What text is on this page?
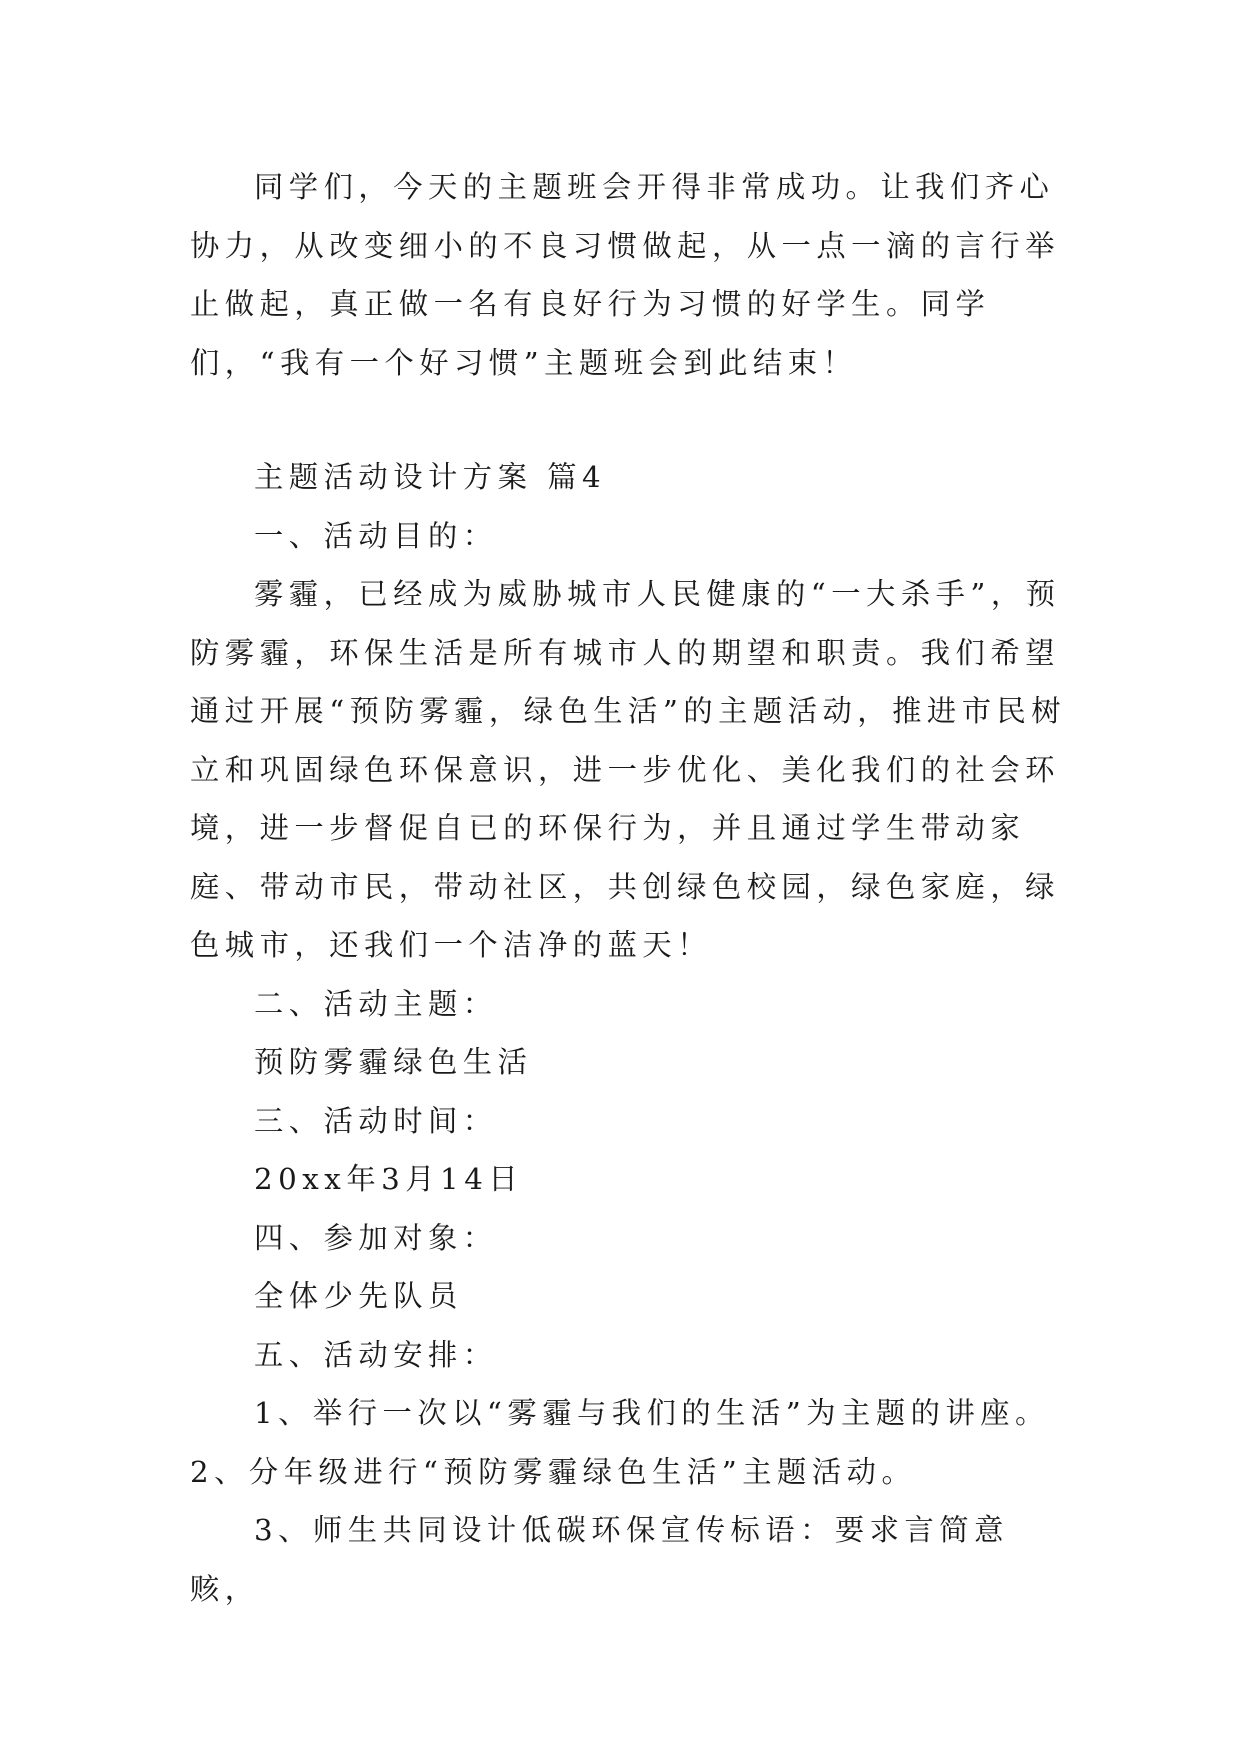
同学们，今天的主题班会开得非常成功。让我们齐心协力，从改变细小的不良习惯做起，从一点一滴的言行举止做起，真正做一名有良好行为习惯的好学生。同学们，“我有一个好习惯”主题班会到此结束！

主题活动设计方案 篇4

一、活动目的：

雾霾，已经成为威胁城市人民健康的“一大杀手”，预防雾霾，环保生活是所有城市人的期望和职责。我们希望通过开展“预防雾霾，绿色生活”的主题活动，推进市民树立和巩固绿色环保意识，进一步优化、美化我们的社会环境，进一步督促自已的环保行为，并且通过学生带动家庭、带动市民，带动社区，共创绿色校园，绿色家庭，绿色城市，还我们一个洁净的蓝天！

二、活动主题：

预防雾霾绿色生活

三、活动时间：

20xx年3月14日

四、参加对象：

全体少先队员

五、活动安排：

1、举行一次以“雾霾与我们的生活”为主题的讲座。

2、分年级进行“预防雾霾绿色生活”主题活动。

3、师生共同设计低碳环保宣传标语：要求言简意赅，
